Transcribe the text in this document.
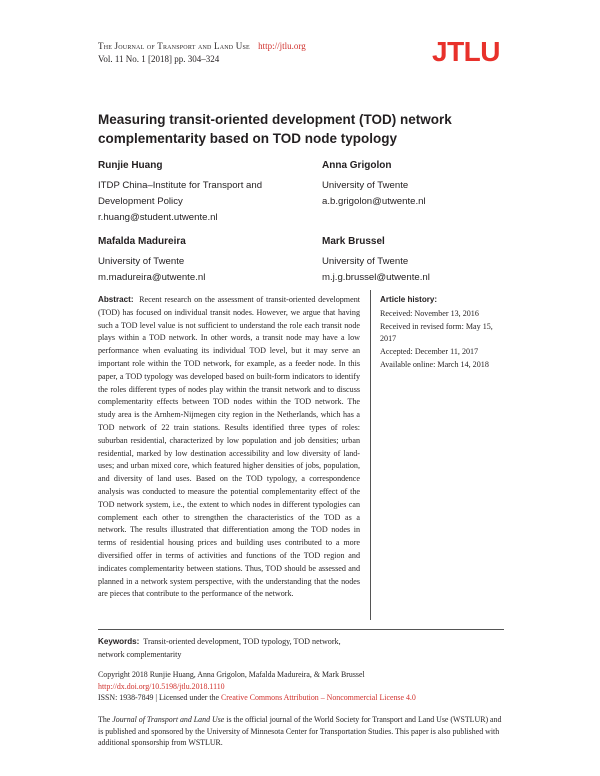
The Journal of Transport and Land Use http://jtlu.org
Vol. 11 No. 1 [2018] pp. 304–324	JTLU
Measuring transit-oriented development (TOD) network
complementarity based on TOD node typology
Runjie Huang
ITDP China–Institute for Transport and
Development Policy
r.huang@student.utwente.nl
Anna Grigolon
University of Twente
a.b.grigolon@utwente.nl
Mafalda Madureira
University of Twente
m.madureira@utwente.nl
Mark Brussel
University of Twente
m.j.g.brussel@utwente.nl
Abstract: Recent research on the assessment of transit-oriented development (TOD) has focused on individual transit nodes. However, we argue that having such a TOD level value is not sufficient to understand the role each transit node plays within a TOD network. In other words, a transit node may have a low performance when evaluating its individual TOD level, but it may serve an important role within the TOD network, for example, as a feeder node. In this paper, a TOD typology was developed based on built-form indicators to identify the roles different types of nodes play within the transit network and to discuss complementarity effects between TOD nodes within the TOD network. The study area is the Arnhem-Nijmegen city region in the Netherlands, which has a TOD network of 22 train stations. Results identified three types of roles: suburban residential, characterized by low population and job densities; urban residential, marked by low destination accessibility and low diversity of land-uses; and urban mixed core, which featured higher densities of jobs, population, and diversity of land uses. Based on the TOD typology, a correspondence analysis was conducted to measure the potential complementarity effect of the TOD network system, i.e., the extent to which nodes in different typologies can complement each other to strengthen the characteristics of the TOD as a network. The results illustrated that differentiation among the TOD nodes in terms of residential housing prices and building uses contributed to a more diversified offer in terms of activities and functions of the TOD region and indicates complementarity between stations. Thus, TOD should be assessed and planned in a network system perspective, with the understanding that the nodes are pieces that contribute to the performance of the network.
Article history:
Received: November 13, 2016
Received in revised form: May 15, 2017
Accepted: December 11, 2017
Available online: March 14, 2018
Keywords: Transit-oriented development, TOD typology, TOD network, network complementarity
Copyright 2018 Runjie Huang, Anna Grigolon, Mafalda Madureira, & Mark Brussel
http://dx.doi.org/10.5198/jtlu.2018.1110
ISSN: 1938-7849 | Licensed under the Creative Commons Attribution – Noncommercial License 4.0
The Journal of Transport and Land Use is the official journal of the World Society for Transport and Land Use (WSTLUR) and is published and sponsored by the University of Minnesota Center for Transportation Studies. This paper is also published with additional sponsorship from WSTLUR.
